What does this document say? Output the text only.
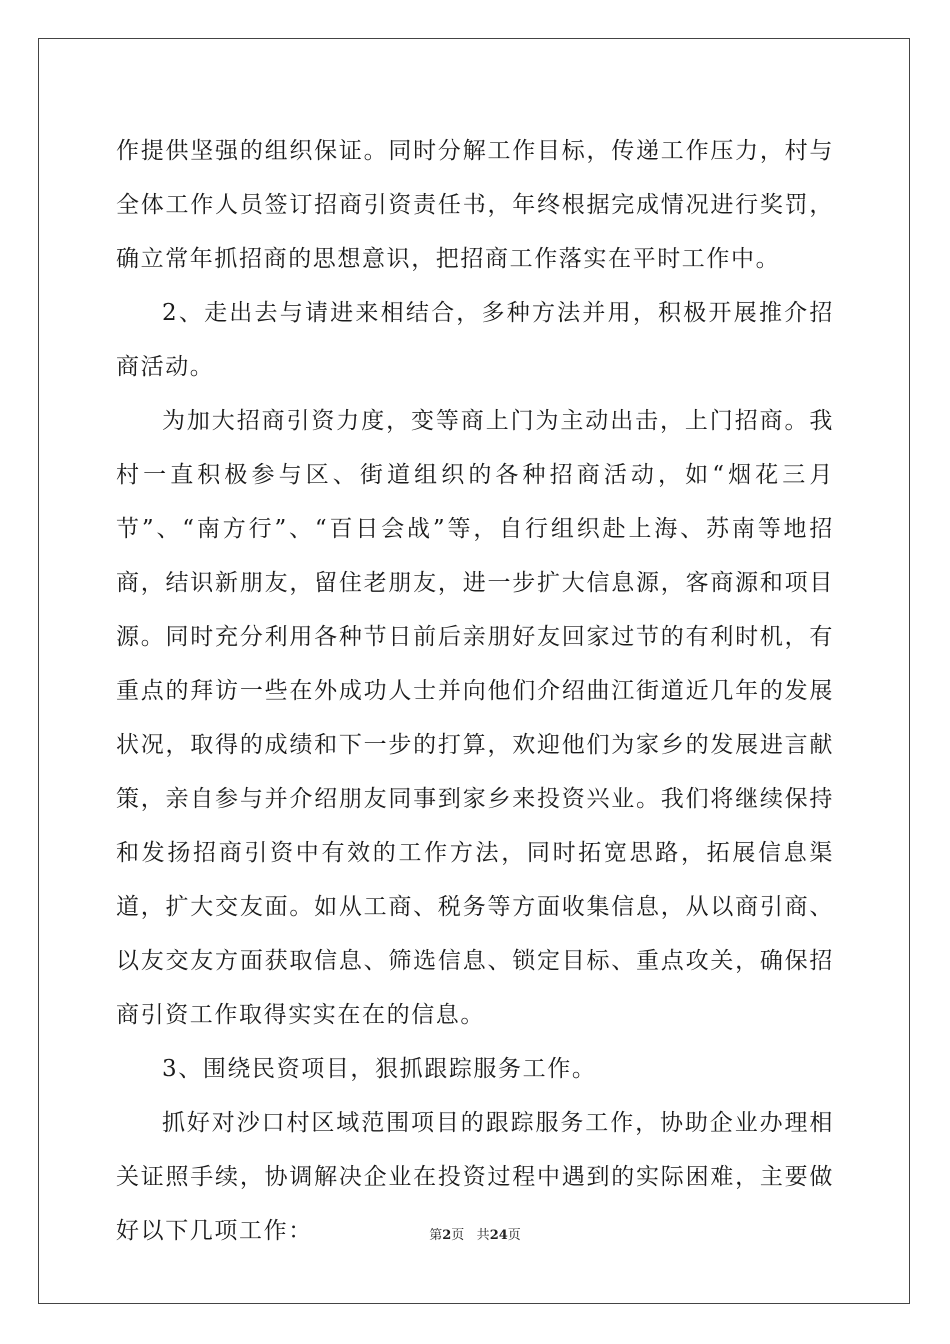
作提供坚强的组织保证。同时分解工作目标，传递工作压力，村与全体工作人员签订招商引资责任书，年终根据完成情况进行奖罚，确立常年抓招商的思想意识，把招商工作落实在平时工作中。

2、走出去与请进来相结合，多种方法并用，积极开展推介招商活动。

为加大招商引资力度，变等商上门为主动出击，上门招商。我村一直积极参与区、街道组织的各种招商活动，如“烟花三月节”、“南方行”、“百日会战”等，自行组织赴上海、苏南等地招商，结识新朋友，留住老朋友，进一步扩大信息源，客商源和项目源。同时充分利用各种节日前后亲朋好友回家过节的有利时机，有重点的拜访一些在外成功人士并向他们介绍曲江街道近几年的发展状况，取得的成绩和下一步的打算，欢迎他们为家乡的发展进言献策，亲自参与并介绍朋友同事到家乡来投资兴业。我们将继续保持和发扬招商引资中有效的工作方法，同时拓宽思路，拓展信息渠道，扩大交友面。如从工商、税务等方面收集信息，从以商引商、以友交友方面获取信息、筛选信息、锁定目标、重点攻关，确保招商引资工作取得实实在在的信息。

3、围绕民资项目，狠抓跟踪服务工作。

抓好对沙口村区域范围项目的跟踪服务工作，协助企业办理相关证照手续，协调解决企业在投资过程中遇到的实际困难，主要做好以下几项工作：	第2页 共24页
